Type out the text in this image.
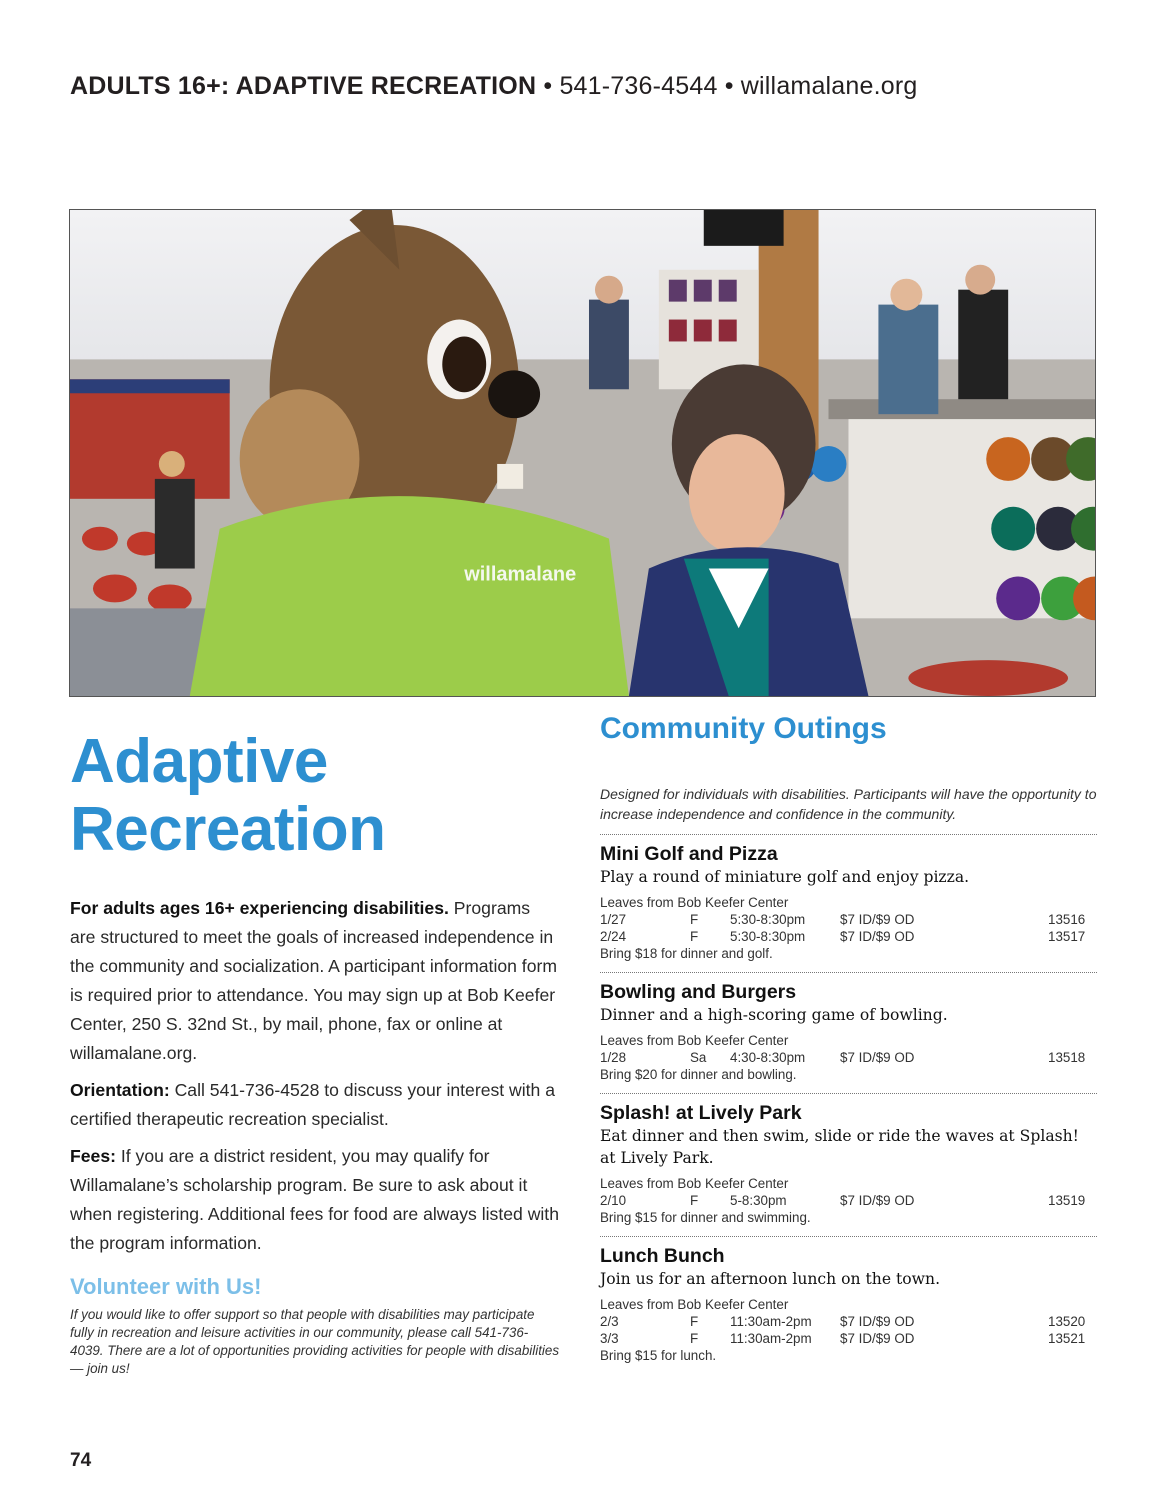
ADULTS 16+: ADAPTIVE RECREATION • 541-736-4544 • willamalane.org
willamalane
Adaptive
Recreation

For adults ages 16+ experiencing disabilities. Programs are structured to meet the goals of increased independence in the community and socialization. A participant information form is required prior to attendance. You may sign up at Bob Keefer Center, 250 S. 32nd St., by mail, phone, fax or online at willamalane.org.

Orientation: Call 541-736-4528 to discuss your interest with a certified therapeutic recreation specialist.

Fees: If you are a district resident, you may qualify for Willamalane’s scholarship program. Be sure to ask about it when registering. Additional fees for food are always listed with the program information.

Volunteer with Us!

If you would like to offer support so that people with disabilities may participate fully in recreation and leisure activities in our community, please call 541-736-4039. There are a lot of opportunities providing activities for people with disabilities — join us!

Community Outings

Designed for individuals with disabilities. Participants will have the opportunity to increase independence and confidence in the community.

Mini Golf and Pizza
Play a round of miniature golf and enjoy pizza.
Leaves from Bob Keefer Center
1/27	F	5:30-8:30pm	$7 ID/$9 OD	13516
2/24	F	5:30-8:30pm	$7 ID/$9 OD	13517
Bring $18 for dinner and golf.
Bowling and Burgers
Dinner and a high-scoring game of bowling.
Leaves from Bob Keefer Center
1/28	Sa	4:30-8:30pm	$7 ID/$9 OD	13518
Bring $20 for dinner and bowling.
Splash! at Lively Park
Eat dinner and then swim, slide or ride the waves at Splash! at Lively Park.
Leaves from Bob Keefer Center
2/10	F	5-8:30pm	$7 ID/$9 OD	13519
Bring $15 for dinner and swimming.
Lunch Bunch
Join us for an afternoon lunch on the town.
Leaves from Bob Keefer Center
2/3	F	11:30am-2pm	$7 ID/$9 OD	13520
3/3	F	11:30am-2pm	$7 ID/$9 OD	13521
Bring $15 for lunch.
74
